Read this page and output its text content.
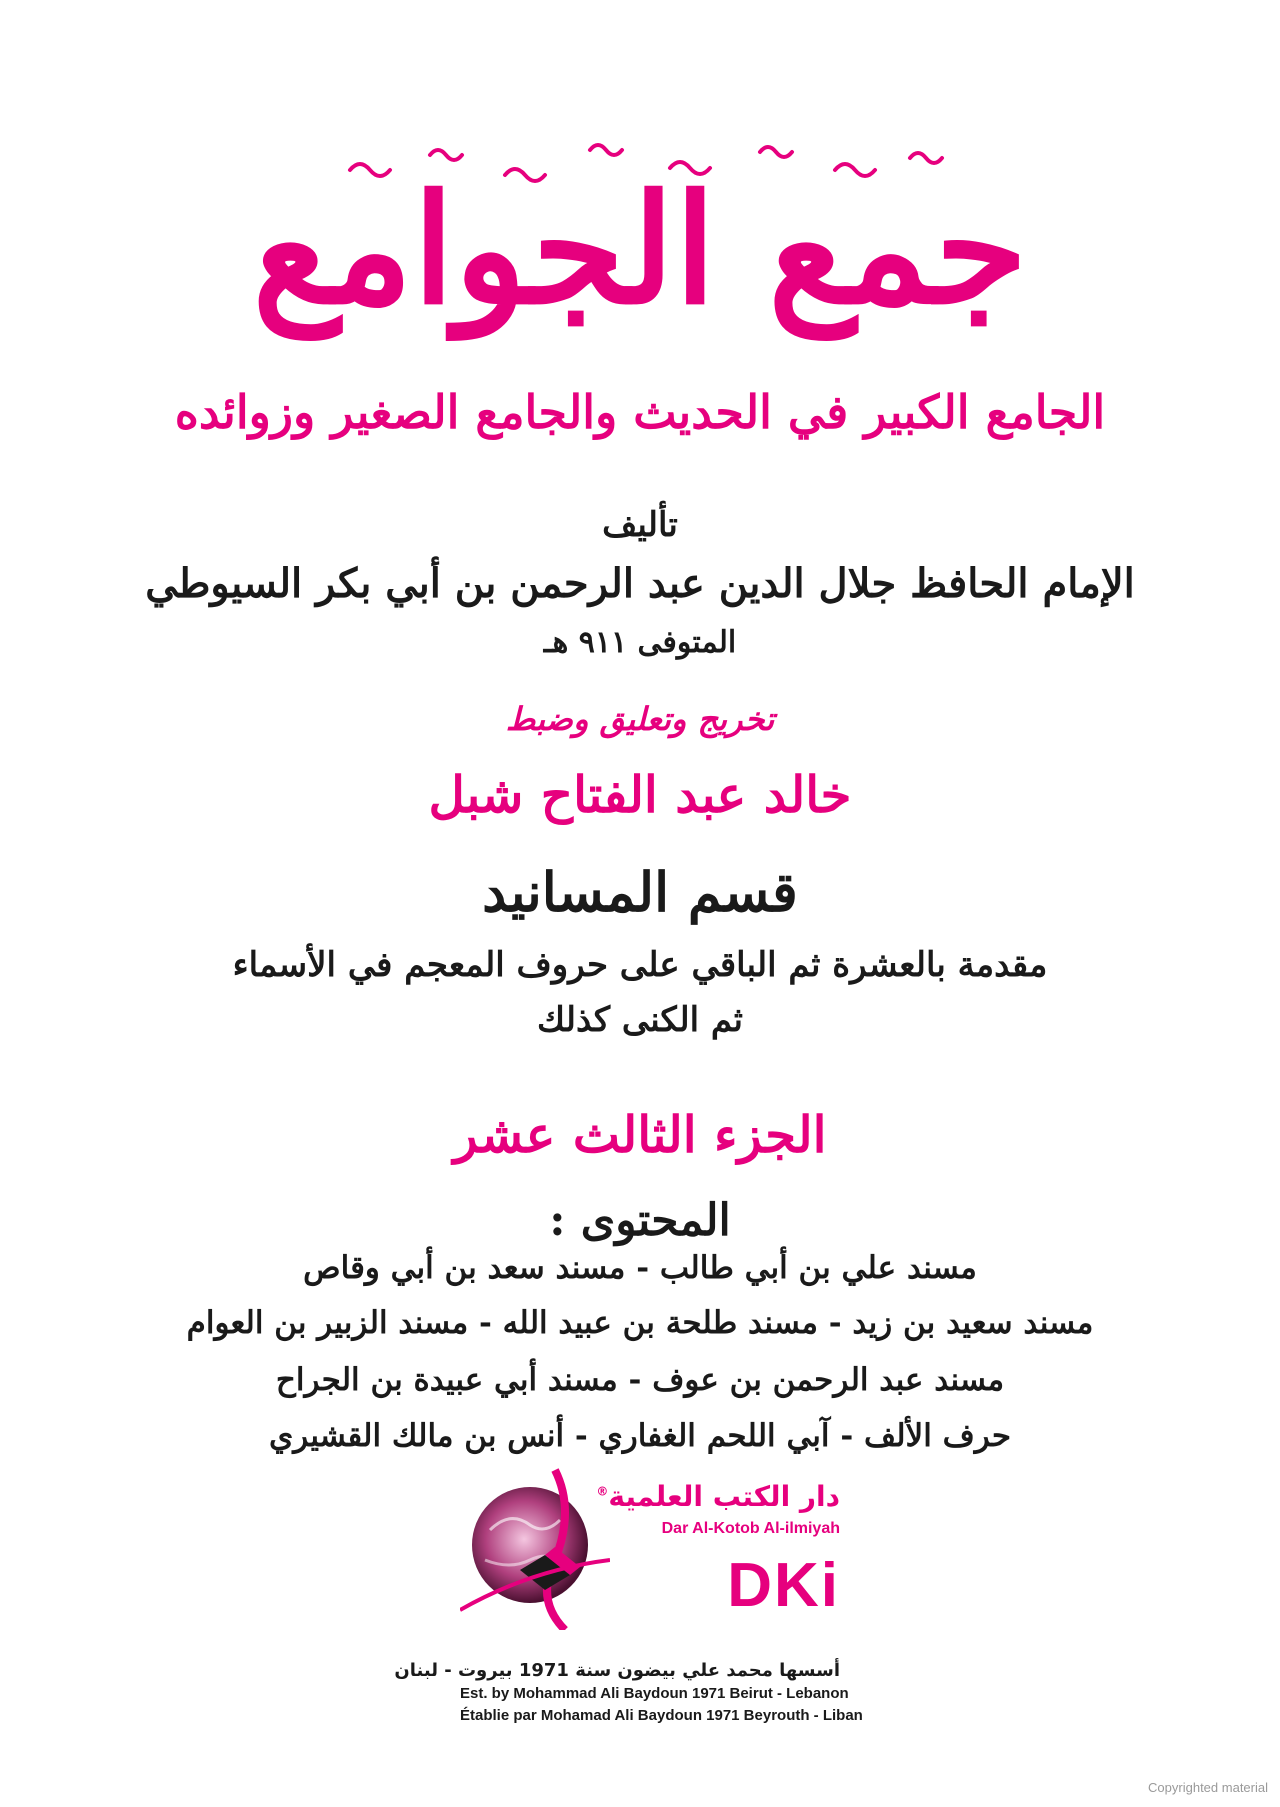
جمع الجوامع
الجامع الكبير في الحديث والجامع الصغير وزوائده
تأليف
الإمام الحافظ جلال الدين عبد الرحمن بن أبي بكر السيوطي
المتوفى ٩١١ هـ
تخريج وتعليق وضبط
خالد عبد الفتاح شبل
قسم المسانيد
مقدمة بالعشرة ثم الباقي على حروف المعجم في الأسماء
ثم الكنى كذلك
الجزء الثالث عشر
المحتوى :
مسند علي بن أبي طالب - مسند سعد بن أبي وقاص
مسند سعيد بن زيد - مسند طلحة بن عبيد الله - مسند الزبير بن العوام
مسند عبد الرحمن بن عوف - مسند أبي عبيدة بن الجراح
حرف الألف - آبي اللحم الغفاري - أنس بن مالك القشيري
دار الكتب العلمية®
Dar Al-Kotob Al-ilmiyah
DKi
أسسها محمد علي بيضون سنة 1971 بيروت - لبنان
Est. by Mohammad Ali Baydoun 1971 Beirut - Lebanon
Établie par Mohamad Ali Baydoun 1971 Beyrouth - Liban
Copyrighted material
